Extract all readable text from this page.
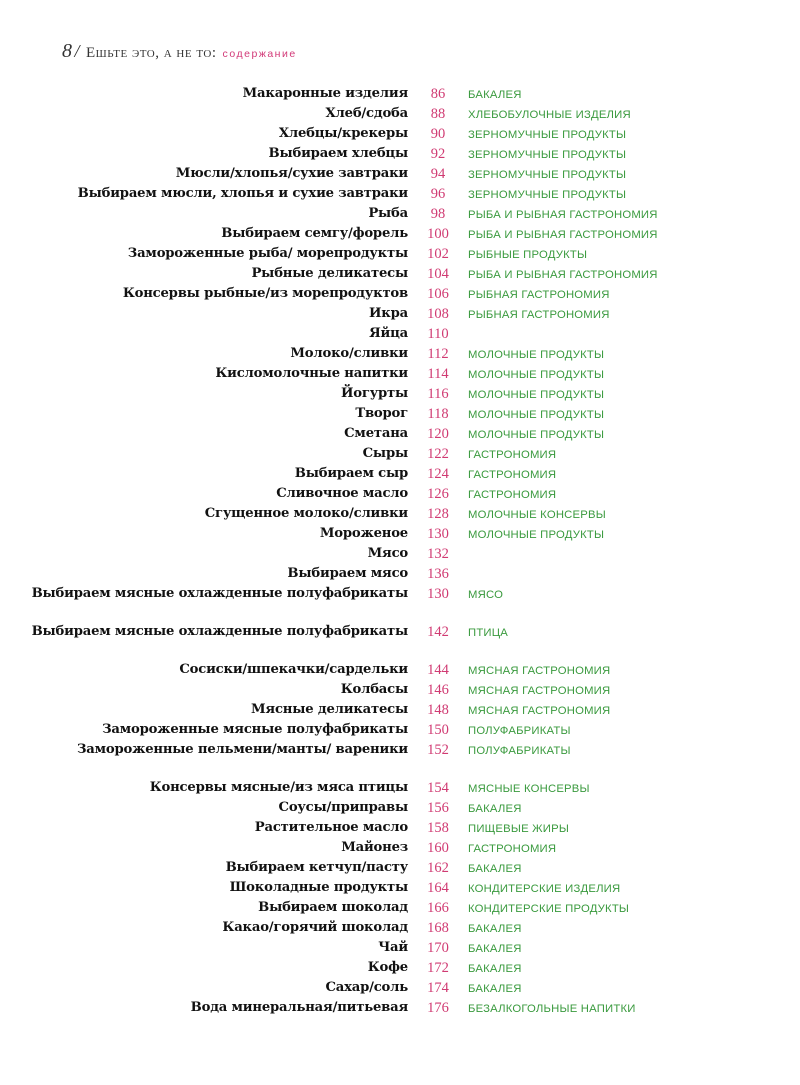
8 / Ешьте это, а не то: содержание
Макаронные изделия	86	БАКАЛЕЯ
Хлеб/сдоба	88	ХЛЕБОБУЛОЧНЫЕ ИЗДЕЛИЯ
Хлебцы/крекеры	90	ЗЕРНОМУЧНЫЕ ПРОДУКТЫ
Выбираем хлебцы	92	ЗЕРНОМУЧНЫЕ ПРОДУКТЫ
Мюсли/хлопья/сухие завтраки	94	ЗЕРНОМУЧНЫЕ ПРОДУКТЫ
Выбираем мюсли, хлопья и сухие завтраки	96	ЗЕРНОМУЧНЫЕ ПРОДУКТЫ
Рыба	98	РЫБА И РЫБНАЯ ГАСТРОНОМИЯ
Выбираем семгу/форель	100	РЫБА И РЫБНАЯ ГАСТРОНОМИЯ
Замороженные рыба/ морепродукты	102	РЫБНЫЕ ПРОДУКТЫ
Рыбные деликатесы	104	РЫБА И РЫБНАЯ ГАСТРОНОМИЯ
Консервы рыбные/из морепродуктов	106	РЫБНАЯ ГАСТРОНОМИЯ
Икра	108	РЫБНАЯ ГАСТРОНОМИЯ
Яйца	110
Молоко/сливки	112	МОЛОЧНЫЕ ПРОДУКТЫ
Кисломолочные напитки	114	МОЛОЧНЫЕ ПРОДУКТЫ
Йогурты	116	МОЛОЧНЫЕ ПРОДУКТЫ
Творог	118	МОЛОЧНЫЕ ПРОДУКТЫ
Сметана	120	МОЛОЧНЫЕ ПРОДУКТЫ
Сыры	122	ГАСТРОНОМИЯ
Выбираем сыр	124	ГАСТРОНОМИЯ
Сливочное масло	126	ГАСТРОНОМИЯ
Сгущенное молоко/сливки	128	МОЛОЧНЫЕ КОНСЕРВЫ
Мороженое	130	МОЛОЧНЫЕ ПРОДУКТЫ
Мясо	132
Выбираем мясо	136
Выбираем мясные охлажденные полуфабрикаты	130	МЯСО
Выбираем мясные охлажденные полуфабрикаты	142	ПТИЦА
Сосиски/шпекачки/сардельки	144	МЯСНАЯ ГАСТРОНОМИЯ
Колбасы	146	МЯСНАЯ ГАСТРОНОМИЯ
Мясные деликатесы	148	МЯСНАЯ ГАСТРОНОМИЯ
Замороженные мясные полуфабрикаты	150	ПОЛУФАБРИКАТЫ
Замороженные пельмени/манты/ вареники	152	ПОЛУФАБРИКАТЫ
Консервы мясные/из мяса птицы	154	МЯСНЫЕ КОНСЕРВЫ
Соусы/приправы	156	БАКАЛЕЯ
Растительное масло	158	ПИЩЕВЫЕ ЖИРЫ
Майонез	160	ГАСТРОНОМИЯ
Выбираем кетчуп/пасту	162	БАКАЛЕЯ
Шоколадные продукты	164	КОНДИТЕРСКИЕ ИЗДЕЛИЯ
Выбираем шоколад	166	КОНДИТЕРСКИЕ ПРОДУКТЫ
Какао/горячий шоколад	168	БАКАЛЕЯ
Чай	170	БАКАЛЕЯ
Кофе	172	БАКАЛЕЯ
Сахар/соль	174	БАКАЛЕЯ
Вода минеральная/питьевая	176	БЕЗАЛКОГОЛЬНЫЕ НАПИТКИ
